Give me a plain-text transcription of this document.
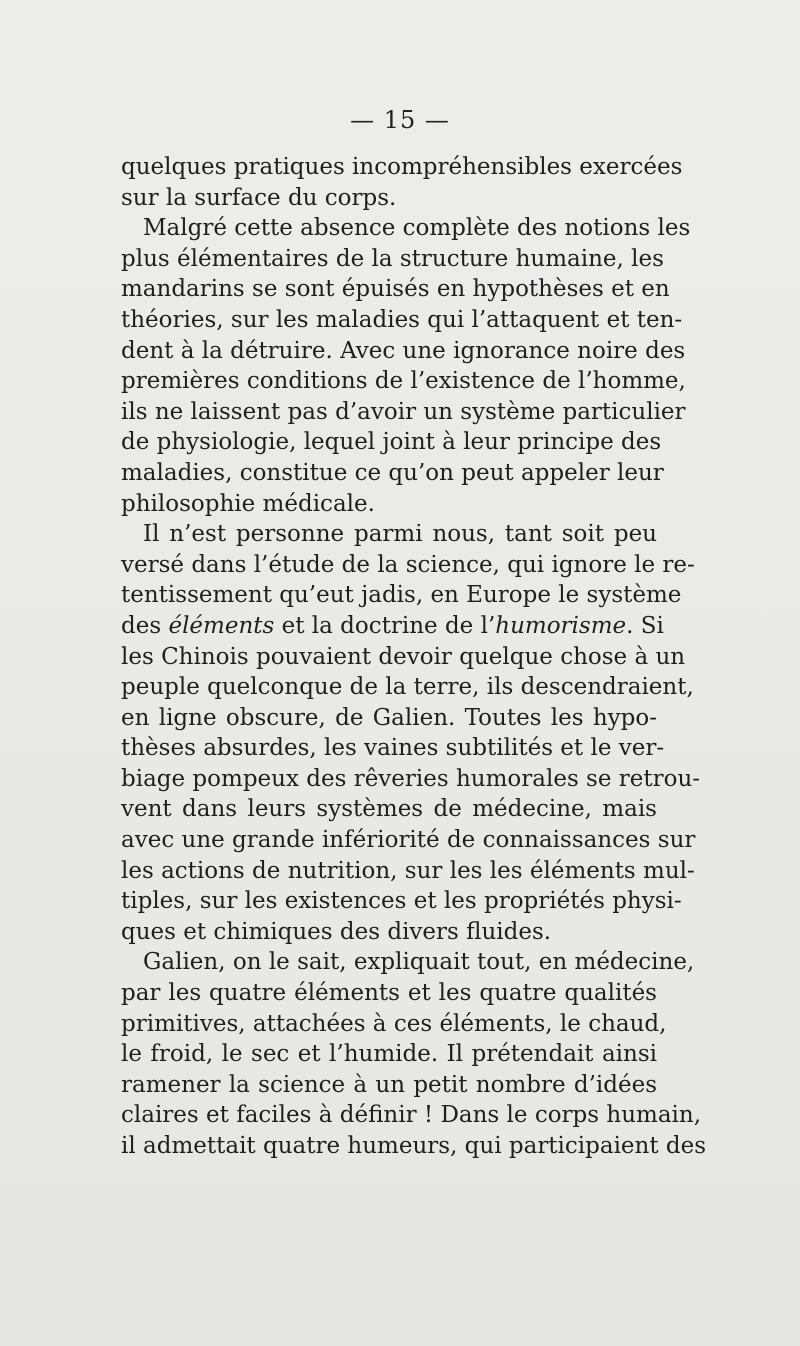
— 15 —
quelques pratiques incompréhensibles exercées
sur la surface du corps.
Malgré cette absence complète des notions les
plus élémentaires de la structure humaine, les
mandarins se sont épuisés en hypothèses et en
théories, sur les maladies qui l’attaquent et ten-
dent à la détruire. Avec une ignorance noire des
premières conditions de l’existence de l’homme,
ils ne laissent pas d’avoir un système particulier
de physiologie, lequel joint à leur principe des
maladies, constitue ce qu’on peut appeler leur
philosophie médicale.
Il n’est personne parmi nous, tant soit peu
versé dans l’étude de la science, qui ignore le re-
tentissement qu’eut jadis, en Europe le système
des éléments et la doctrine de l’humorisme. Si
les Chinois pouvaient devoir quelque chose à un
peuple quelconque de la terre, ils descendraient,
en ligne obscure, de Galien. Toutes les hypo-
thèses absurdes, les vaines subtilités et le ver-
biage pompeux des rêveries humorales se retrou-
vent dans leurs systèmes de médecine, mais
avec une grande infériorité de connaissances sur
les actions de nutrition, sur les les éléments mul-
tiples, sur les existences et les propriétés physi-
ques et chimiques des divers fluides.
Galien, on le sait, expliquait tout, en médecine,
par les quatre éléments et les quatre qualités
primitives, attachées à ces éléments, le chaud,
le froid, le sec et l’humide. Il prétendait ainsi
ramener la science à un petit nombre d’idées
claires et faciles à définir ! Dans le corps humain,
il admettait quatre humeurs, qui participaient des
